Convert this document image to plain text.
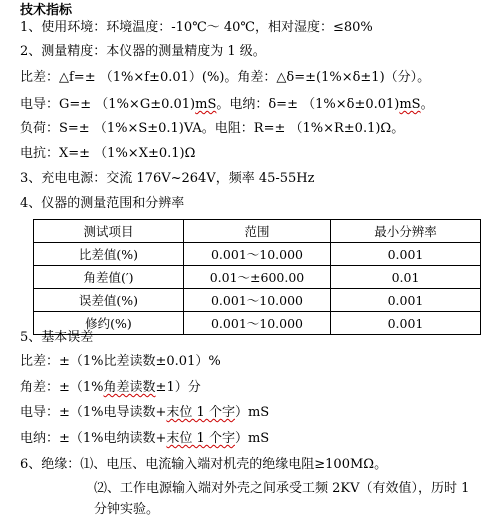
技术指标
1、使用环境：环境温度：-10℃～ 40℃，相对湿度：≤80%
2、测量精度：本仪器的测量精度为 1 级。
比差：△f=± （1%×f±0.01）(%)。角差：△δ=±(1%×δ±1)（分）。
电导：G=± （1%×G±0.01)mS。电纳：δ=± （1%×δ±0.01)mS。
负荷：S=± （1%×S±0.1)VA。电阻：R=± （1%×R±0.1)Ω。
电抗：X=± （1%×X±0.1)Ω
3、充电电源：交流 176V~264V，频率 45-55Hz
4、仪器的测量范围和分辨率
测试项目	范围	最小分辨率
比差值(%)	0.001～10.000	0.001
角差值(′)	0.01～±600.00	0.01
误差值(%)	0.001～10.000	0.001
修约(%)	0.001～10.000	0.001
5、基本误差
比差：±（1%比差读数±0.01）%
角差：±（1%角差读数±1）分
电导：±（1%电导读数+末位 1 个字）mS
电纳：±（1%电纳读数+末位 1 个字）mS
6、绝缘：⑴、电压、电流输入端对机壳的绝缘电阻≥100MΩ。
⑵、工作电源输入端对外壳之间承受工频 2KV（有效值），历时 1
分钟实验。
